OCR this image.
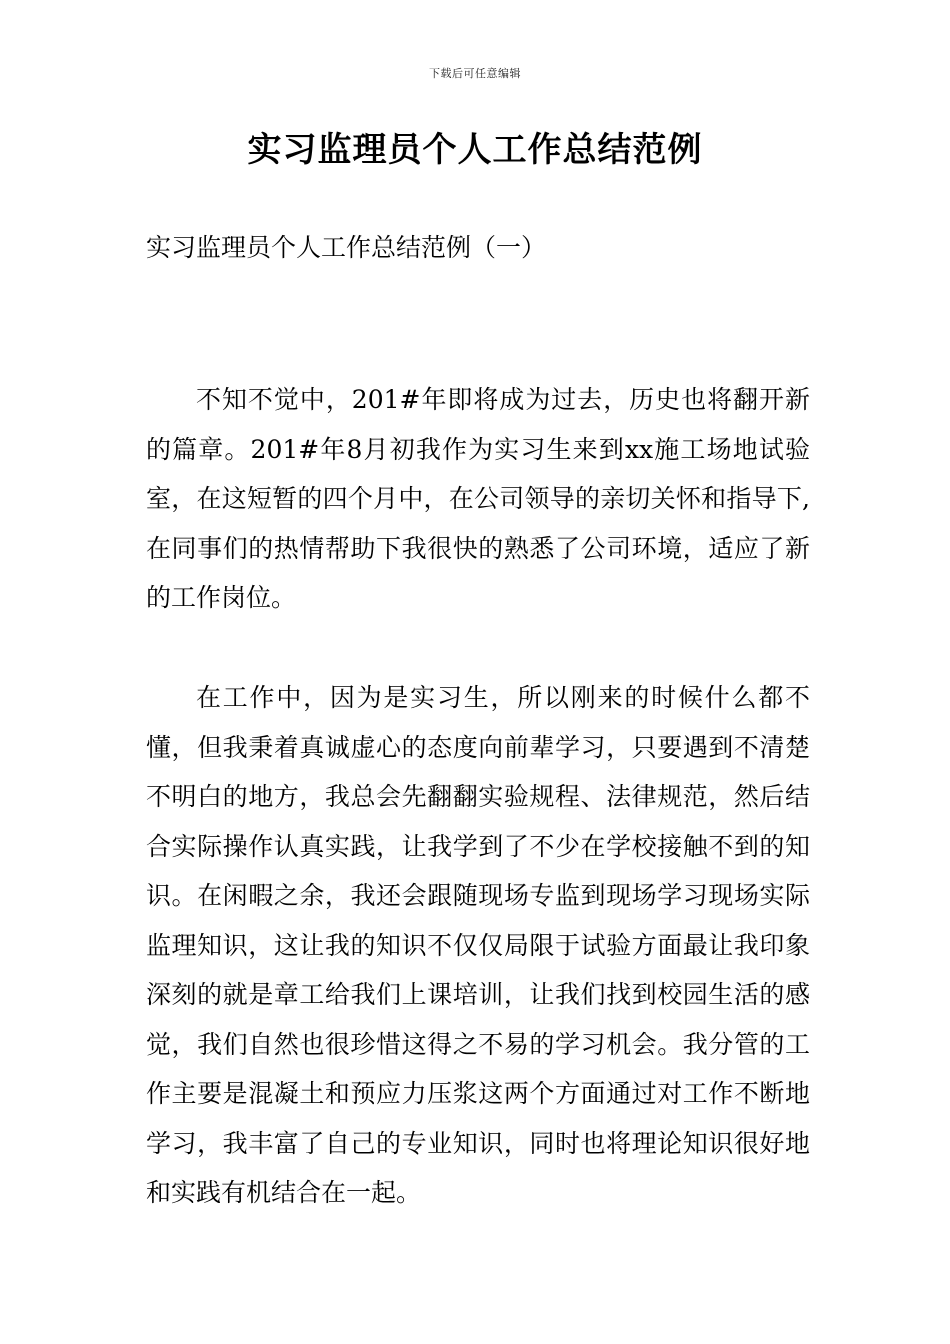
下载后可任意编辑
实习监理员个人工作总结范例
实习监理员个人工作总结范例（一）

不知不觉中，201#年即将成为过去，历史也将翻开新的篇章。201#年8月初我作为实习生来到xx施工场地试验室，在这短暂的四个月中，在公司领导的亲切关怀和指导下,在同事们的热情帮助下我很快的熟悉了公司环境，适应了新的工作岗位。

在工作中，因为是实习生，所以刚来的时候什么都不懂，但我秉着真诚虚心的态度向前辈学习，只要遇到不清楚不明白的地方，我总会先翻翻实验规程、法律规范，然后结合实际操作认真实践，让我学到了不少在学校接触不到的知识。在闲暇之余，我还会跟随现场专监到现场学习现场实际监理知识，这让我的知识不仅仅局限于试验方面最让我印象深刻的就是章工给我们上课培训，让我们找到校园生活的感觉，我们自然也很珍惜这得之不易的学习机会。我分管的工作主要是混凝土和预应力压浆这两个方面通过对工作不断地学习，我丰富了自己的专业知识，同时也将理论知识很好地和实践有机结合在一起。
